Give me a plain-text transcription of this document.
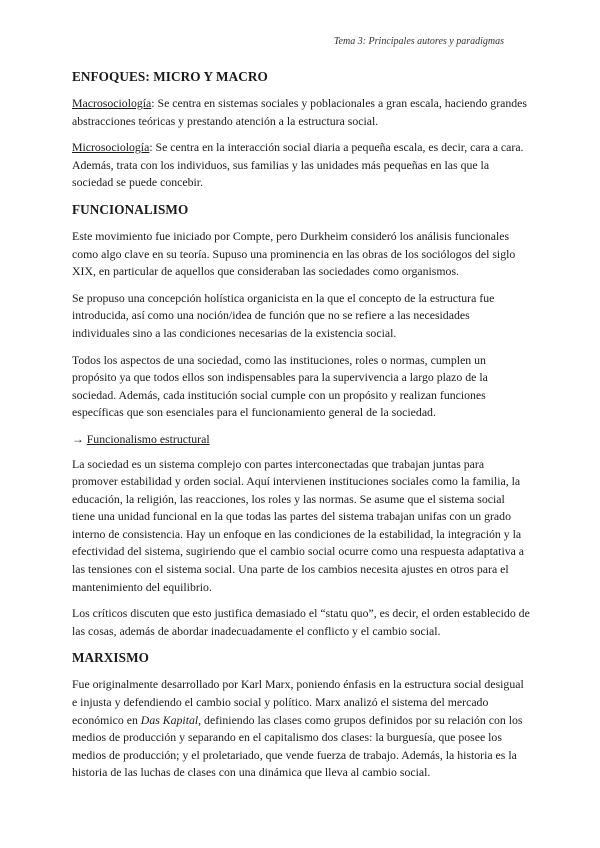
Tema 3: Principales autores y paradigmas
ENFOQUES: MICRO Y MACRO

Macrosociología: Se centra en sistemas sociales y poblacionales a gran escala, haciendo grandes abstracciones teóricas y prestando atención a la estructura social.

Microsociología: Se centra en la interacción social diaria a pequeña escala, es decir, cara a cara. Además, trata con los individuos, sus familias y las unidades más pequeñas en las que la sociedad se puede concebir.

FUNCIONALISMO

Este movimiento fue iniciado por Compte, pero Durkheim consideró los análisis funcionales como algo clave en su teoría. Supuso una prominencia en las obras de los sociólogos del siglo XIX, en particular de aquellos que consideraban las sociedades como organismos.

Se propuso una concepción holística organicista en la que el concepto de la estructura fue introducida, así como una noción/idea de función que no se refiere a las necesidades individuales sino a las condiciones necesarias de la existencia social.

Todos los aspectos de una sociedad, como las instituciones, roles o normas, cumplen un propósito ya que todos ellos son indispensables para la supervivencia a largo plazo de la sociedad. Además, cada institución social cumple con un propósito y realizan funciones específicas que son esenciales para el funcionamiento general de la sociedad.

→ Funcionalismo estructural

La sociedad es un sistema complejo con partes interconectadas que trabajan juntas para promover estabilidad y orden social. Aquí intervienen instituciones sociales como la familia, la educación, la religión, las reacciones, los roles y las normas. Se asume que el sistema social tiene una unidad funcional en la que todas las partes del sistema trabajan unifas con un grado interno de consistencia. Hay un enfoque en las condiciones de la estabilidad, la integración y la efectividad del sistema, sugiriendo que el cambio social ocurre como una respuesta adaptativa a las tensiones con el sistema social. Una parte de los cambios necesita ajustes en otros para el mantenimiento del equilibrio.

Los críticos discuten que esto justifica demasiado el “statu quo”, es decir, el orden establecido de las cosas, además de abordar inadecuadamente el conflicto y el cambio social.

MARXISMO

Fue originalmente desarrollado por Karl Marx, poniendo énfasis en la estructura social desigual e injusta y defendiendo el cambio social y político. Marx analizó el sistema del mercado económico en Das Kapital, definiendo las clases como grupos definidos por su relación con los medios de producción y separando en el capitalismo dos clases: la burguesía, que posee los medios de producción; y el proletariado, que vende fuerza de trabajo. Además, la historia es la historia de las luchas de clases con una dinámica que lleva al cambio social.
